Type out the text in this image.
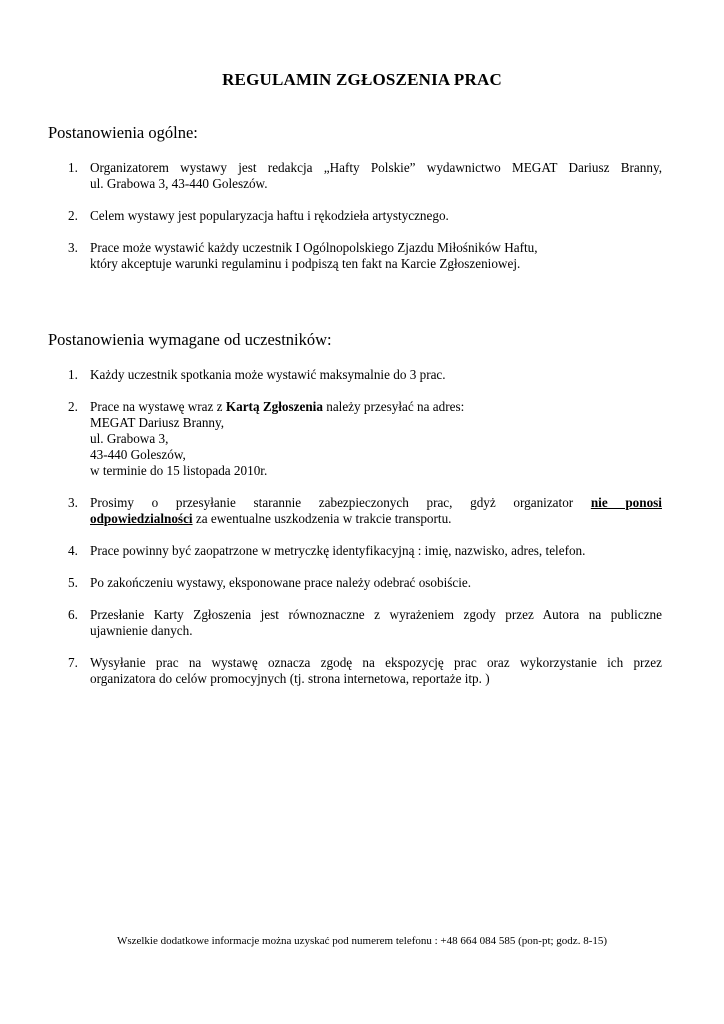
REGULAMIN ZGŁOSZENIA PRAC
Postanowienia ogólne:
1. Organizatorem wystawy jest redakcja „Hafty Polskie” wydawnictwo MEGAT Dariusz Branny,
ul. Grabowa 3, 43-440 Goleszów.
2. Celem wystawy jest popularyzacja haftu i rękodzieła artystycznego.
3. Prace może wystawić każdy uczestnik I Ogólnopolskiego Zjazdu Miłośników Haftu,
który akceptuje warunki regulaminu i podpiszą ten fakt na Karcie Zgłoszeniowej.
Postanowienia wymagane od uczestników:
1. Każdy uczestnik spotkania może wystawić maksymalnie do 3 prac.
2. Prace na wystawę wraz z Kartą Zgłoszenia należy przesyłać na adres:
MEGAT Dariusz Branny,
ul. Grabowa 3,
43-440 Goleszów,
w terminie do 15 listopada 2010r.
3. Prosimy o przesyłanie starannie zabezpieczonych prac, gdyż organizator nie ponosi
odpowiedzialności za ewentualne uszkodzenia w trakcie transportu.
4. Prace powinny być zaopatrzone w metryczkę identyfikacyjną : imię, nazwisko, adres, telefon.
5. Po zakończeniu wystawy, eksponowane prace należy odebrać osobiście.
6. Przesłanie Karty Zgłoszenia jest równoznaczne z wyrażeniem zgody przez Autora na publiczne
ujawnienie danych.
7. Wysyłanie prac na wystawę oznacza zgodę na ekspozycję prac oraz wykorzystanie ich przez
organizatora do celów promocyjnych (tj. strona internetowa, reportaże itp. )
Wszelkie dodatkowe informacje można uzyskać pod numerem telefonu : +48 664 084 585 (pon-pt; godz. 8-15)
